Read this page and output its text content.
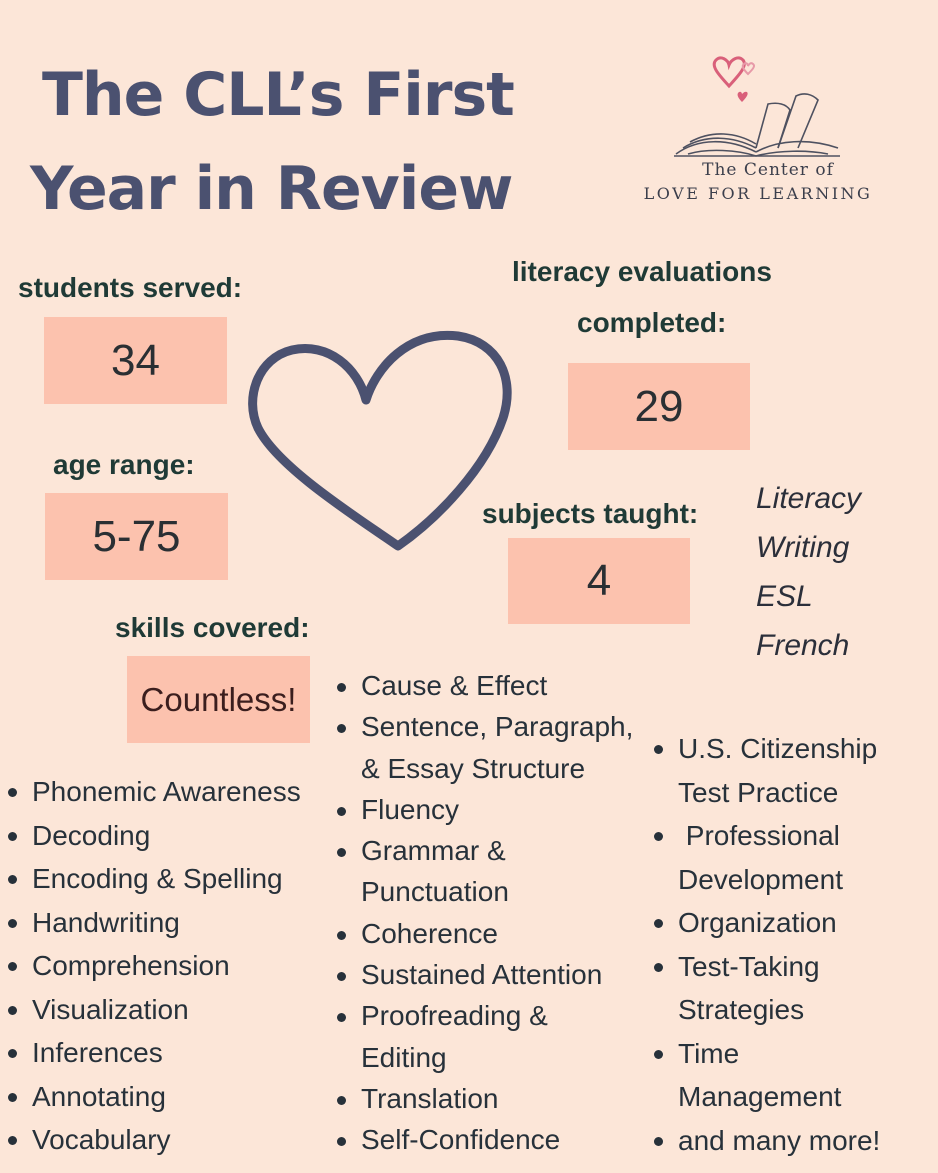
The CLL’s First
Year in Review	The Center of
LOVE FOR LEARNING
students served:
34
age range:
5-75
literacy evaluations
completed:
29
subjects taught:
4
Literacy
Writing
ESL
French
skills covered:
Countless!
Phonemic Awareness
Decoding
Encoding & Spelling
Handwriting
Comprehension
Visualization
Inferences
Annotating
Vocabulary
Cause & Effect
Sentence, Paragraph,
& Essay Structure
Fluency
Grammar &
Punctuation
Coherence
Sustained Attention
Proofreading &
Editing
Translation
Self-Confidence
U.S. Citizenship
Test Practice
Professional
Development
Organization
Test-Taking
Strategies
Time
Management
and many more!
